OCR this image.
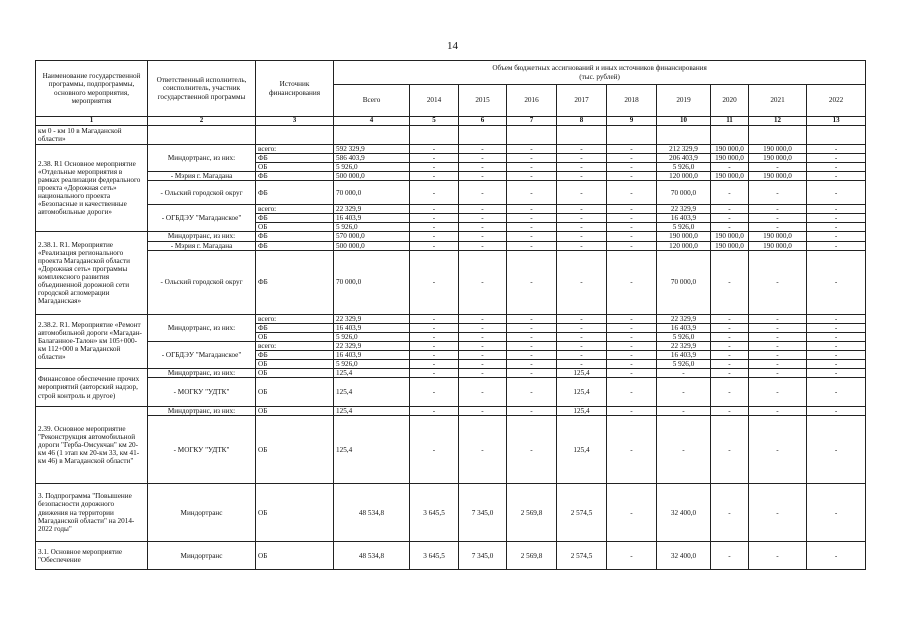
14
Наименование государственной программы, подпрограммы, основного мероприятия, мероприятия	Ответственный исполнитель, соисполнитель, участник государственной программы	Источник финансирования	Объем бюджетных ассигнований и иных источников финансирования
(тыс. рублей)									
			Всего	2014	2015	2016	2017	2018	2019	2020	2021	2022
1	2	3	4	5	6	7	8	9	10	11	12	13
км 0 - км 10 в Магаданской области»												
2.38. R1 Основное мероприятие «Отдельные мероприятия в рамках реализации федерального проекта «Дорожная сеть» национального проекта «Безопасные и качественные автомобильные дороги»	Миндортранс, из них:	всего:	592 329,9	-	-	-	-	-	212 329,9	190 000,0	190 000,0	-
		ФБ	586 403,9	-	-	-	-	-	206 403,9	190 000,0	190 000,0	-
		ОБ	5 926,0	-	-	-	-	-	5 926,0	-	-	-
	- Мэрия г. Магадана	ФБ	500 000,0	-	-	-	-	-	120 000,0	190 000,0	190 000,0	-
	- Ольский городской округ	ФБ	70 000,0	-	-	-	-	-	70 000,0	-	-	-
	- ОГБДЭУ "Магаданское"	всего:	22 329,9	-	-	-	-	-	22 329,9	-	-	-
		ФБ	16 403,9	-	-	-	-	-	16 403,9	-	-	-
		ОБ	5 926,0	-	-	-	-	-	5 926,0	-	-	-
2.38.1. R1. Мероприятие «Реализация регионального проекта Магаданской области «Дорожная сеть» программы комплексного развития объединенной дорожной сети городской агломерации Магаданская»	Миндортранс, из них:	ФБ	570 000,0	-	-	-	-	-	190 000,0	190 000,0	190 000,0	-
	- Мэрия г. Магадана	ФБ	500 000,0	-	-	-	-	-	120 000,0	190 000,0	190 000,0	-
	- Ольский городской округ	ФБ	70 000,0	-	-	-	-	-	70 000,0	-	-	-
2.38.2. R1. Мероприятие «Ремонт автомобильной дороги «Магадан-Балаганное-Талон» км 105+000-км 112+000 в Магаданской области»	Миндортранс, из них:	всего:	22 329,9	-	-	-	-	-	22 329,9	-	-	-
		ФБ	16 403,9	-	-	-	-	-	16 403,9	-	-	-
		ОБ	5 926,0	-	-	-	-	-	5 926,0	-	-	-
	- ОГБДЭУ "Магаданское"	всего:	22 329,9	-	-	-	-	-	22 329,9	-	-	-
		ФБ	16 403,9	-	-	-	-	-	16 403,9	-	-	-
		ОБ	5 926,0	-	-	-	-	-	5 926,0	-	-	-
Финансовое обеспечение прочих мероприятий (авторский надзор, строй контроль и другое)	Миндортранс, из них:	ОБ	125,4	-	-	-	125,4	-	-	-	-	-
	- МОГКУ "УДТК"	ОБ	125,4	-	-	-	125,4	-	-	-	-	-
2.39. Основное мероприятие "Реконструкция автомобильной дороги "Герба-Омсукчан" км 20-км 46 (1 этап км 20-км 33, км 41-км 46) в Магаданской области"	Миндортранс, из них:	ОБ	125,4	-	-	-	125,4	-	-	-	-	-
	- МОГКУ "УДТК"	ОБ	125,4	-	-	-	125,4	-	-	-	-	-
3. Подпрограмма "Повышение безопасности дорожного движения на территории Магаданской области" на 2014-2022 годы"	Миндортранс	ОБ	48 534,8	3 645,5	7 345,0	2 569,8	2 574,5	-	32 400,0	-	-	-
3.1. Основное мероприятие "Обеспечение	Миндортранс	ОБ	48 534,8	3 645,5	7 345,0	2 569,8	2 574,5	-	32 400,0	-	-	-
